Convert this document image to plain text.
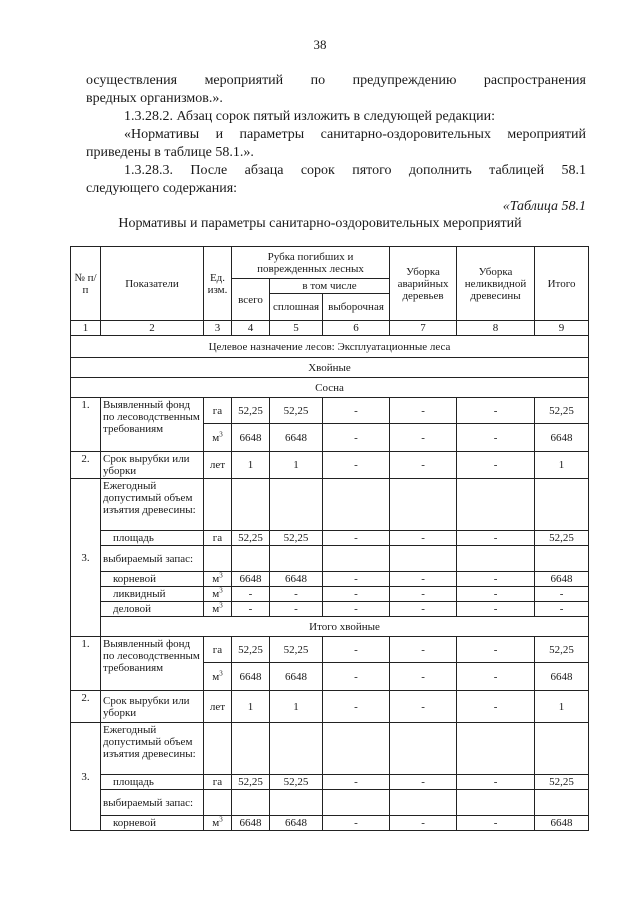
38
осуществления мероприятий по предупреждению распространения
вредных организмов.».
1.3.28.2. Абзац сорок пятый изложить в следующей редакции:
«Нормативы и параметры санитарно-оздоровительных мероприятий
приведены в таблице 58.1.».
1.3.28.3. После абзаца сорок пятого дополнить таблицей 58.1
следующего содержания:
«Таблица 58.1
Нормативы и параметры санитарно-оздоровительных мероприятий
№ п/п	Показатели	Ед. изм.	Рубка погибших и поврежденных лесных			Уборка аварийных деревьев	Уборка неликвидной древесины	Итого
			всего	в том числе				
				сплошная	выборочная			
1	2	3	4	5	6	7	8	9
Целевое назначение лесов: Эксплуатационные леса								
Хвойные								
Сосна								
1.	Выявленный фонд по лесоводственным требованиям	га	52,25	52,25	-	-	-	52,25
		$м^3$	6648	6648	-	-	-	6648
2.	Срок вырубки или уборки	лет	1	1	-	-	-	1
3.	Ежегодный допустимый объем изъятия древесины:							
	площадь	га	52,25	52,25	-	-	-	52,25
	выбираемый запас:							
	корневой	$м^3$	6648	6648	-	-	-	6648
	ликвидный	$м^3$	-	-	-	-	-	-
	деловой	$м^3$	-	-	-	-	-	-
	Итого хвойные							
1.	Выявленный фонд по лесоводственным требованиям	га	52,25	52,25	-	-	-	52,25
		$м^3$	6648	6648	-	-	-	6648
2.	Срок вырубки или уборки	лет	1	1	-	-	-	1
3.	Ежегодный допустимый объем изъятия древесины:							
	площадь	га	52,25	52,25	-	-	-	52,25
	выбираемый запас:							
	корневой	$м^3$	6648	6648	-	-	-	6648
